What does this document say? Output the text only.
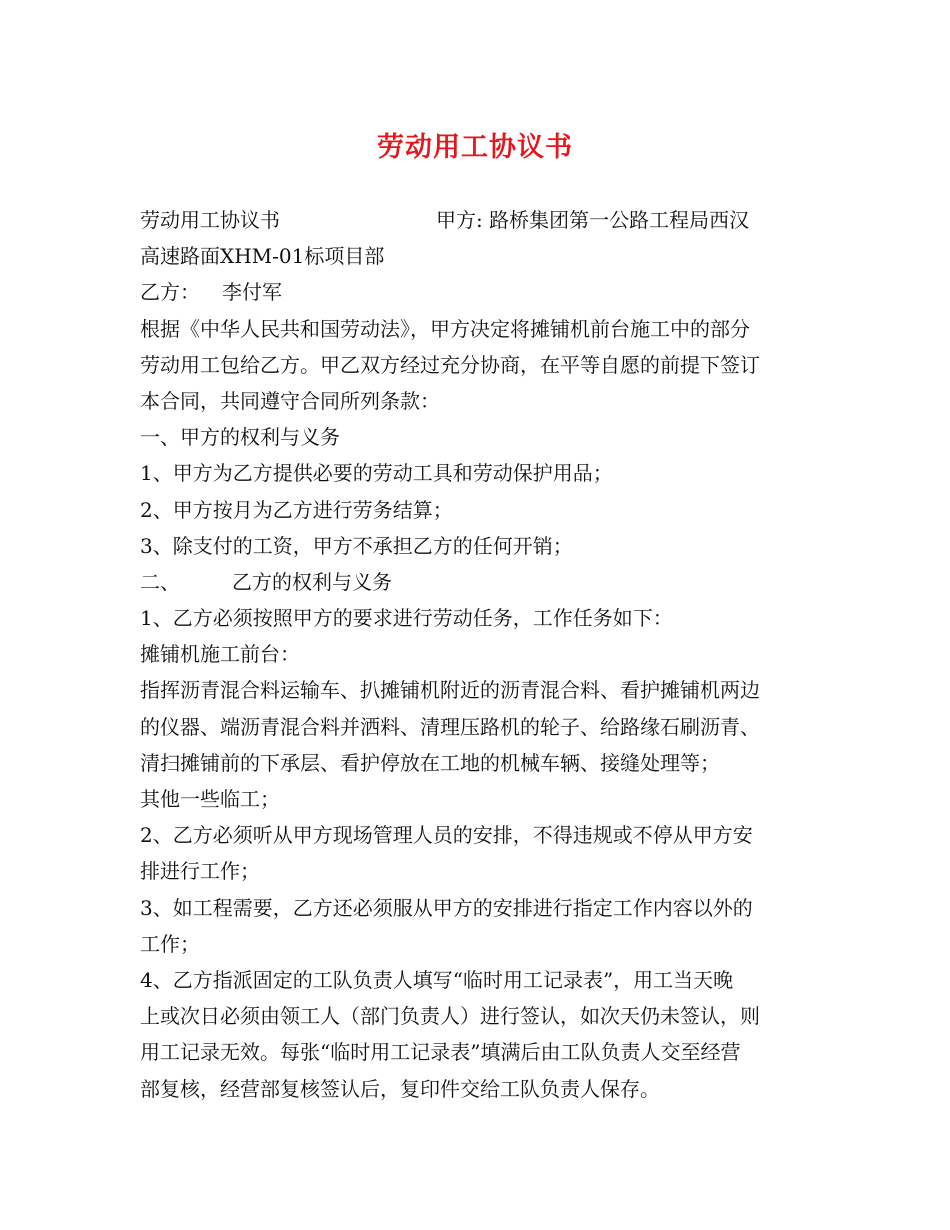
劳动用工协议书
劳动用工协议书	甲方: 路桥集团第一公路工程局西汉
高速路面XHM-01标项目部
乙方： 李付军
根据《中华人民共和国劳动法》，甲方决定将摊铺机前台施工中的部分
劳动用工包给乙方。甲乙双方经过充分协商，在平等自愿的前提下签订
本合同，共同遵守合同所列条款：
一、甲方的权利与义务
1、甲方为乙方提供必要的劳动工具和劳动保护用品；
2、甲方按月为乙方进行劳务结算；
3、除支付的工资，甲方不承担乙方的任何开销；
二、	乙方的权利与义务
1、乙方必须按照甲方的要求进行劳动任务，工作任务如下：
摊铺机施工前台：
指挥沥青混合料运输车、扒摊铺机附近的沥青混合料、看护摊铺机两边
的仪器、端沥青混合料并洒料、清理压路机的轮子、给路缘石刷沥青、
清扫摊铺前的下承层、看护停放在工地的机械车辆、接缝处理等；
其他一些临工；
2、乙方必须听从甲方现场管理人员的安排，不得违规或不停从甲方安
排进行工作；
3、如工程需要，乙方还必须服从甲方的安排进行指定工作内容以外的
工作；
4、乙方指派固定的工队负责人填写“临时用工记录表”，用工当天晚
上或次日必须由领工人（部门负责人）进行签认，如次天仍未签认，则
用工记录无效。每张“临时用工记录表”填满后由工队负责人交至经营
部复核，经营部复核签认后，复印件交给工队负责人保存。
